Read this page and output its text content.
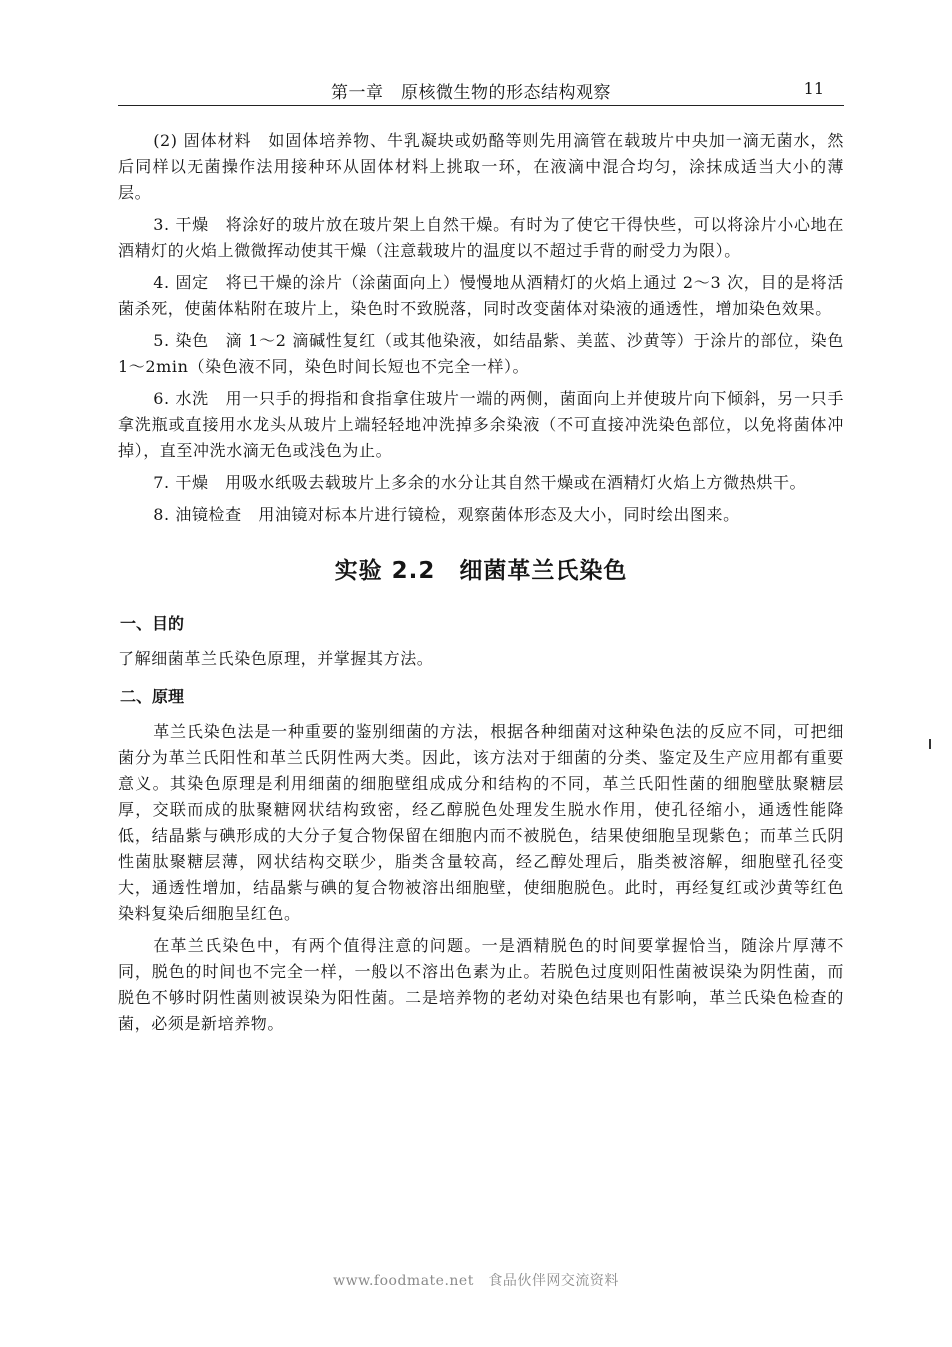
第一章　原核微生物的形态结构观察	11

(2) 固体材料　如固体培养物、牛乳凝块或奶酪等则先用滴管在载玻片中央加一滴无菌水，然后同样以无菌操作法用接种环从固体材料上挑取一环，在液滴中混合均匀，涂抹成适当大小的薄层。

3. 干燥　将涂好的玻片放在玻片架上自然干燥。有时为了使它干得快些，可以将涂片小心地在酒精灯的火焰上微微挥动使其干燥（注意载玻片的温度以不超过手背的耐受力为限）。

4. 固定　将已干燥的涂片（涂菌面向上）慢慢地从酒精灯的火焰上通过 2～3 次，目的是将活菌杀死，使菌体粘附在玻片上，染色时不致脱落，同时改变菌体对染液的通透性，增加染色效果。

5. 染色　滴 1～2 滴碱性复红（或其他染液，如结晶紫、美蓝、沙黄等）于涂片的部位，染色 1～2min（染色液不同，染色时间长短也不完全一样）。

6. 水洗　用一只手的拇指和食指拿住玻片一端的两侧，菌面向上并使玻片向下倾斜，另一只手拿洗瓶或直接用水龙头从玻片上端轻轻地冲洗掉多余染液（不可直接冲洗染色部位，以免将菌体冲掉），直至冲洗水滴无色或浅色为止。

7. 干燥　用吸水纸吸去载玻片上多余的水分让其自然干燥或在酒精灯火焰上方微热烘干。

8. 油镜检查　用油镜对标本片进行镜检，观察菌体形态及大小，同时绘出图来。

实验 2.2　细菌革兰氏染色
一、目的

了解细菌革兰氏染色原理，并掌握其方法。

二、原理

革兰氏染色法是一种重要的鉴别细菌的方法，根据各种细菌对这种染色法的反应不同，可把细菌分为革兰氏阳性和革兰氏阴性两大类。因此，该方法对于细菌的分类、鉴定及生产应用都有重要意义。其染色原理是利用细菌的细胞壁组成成分和结构的不同，革兰氏阳性菌的细胞壁肽聚糖层厚，交联而成的肽聚糖网状结构致密，经乙醇脱色处理发生脱水作用，使孔径缩小，通透性能降低，结晶紫与碘形成的大分子复合物保留在细胞内而不被脱色，结果使细胞呈现紫色；而革兰氏阴性菌肽聚糖层薄，网状结构交联少，脂类含量较高，经乙醇处理后，脂类被溶解，细胞壁孔径变大，通透性增加，结晶紫与碘的复合物被溶出细胞壁，使细胞脱色。此时，再经复红或沙黄等红色染料复染后细胞呈红色。

在革兰氏染色中，有两个值得注意的问题。一是酒精脱色的时间要掌握恰当，随涂片厚薄不同，脱色的时间也不完全一样，一般以不溶出色素为止。若脱色过度则阳性菌被误染为阴性菌，而脱色不够时阴性菌则被误染为阳性菌。二是培养物的老幼对染色结果也有影响，革兰氏染色检查的菌，必须是新培养物。

www.foodmate.net　食品伙伴网交流资料
